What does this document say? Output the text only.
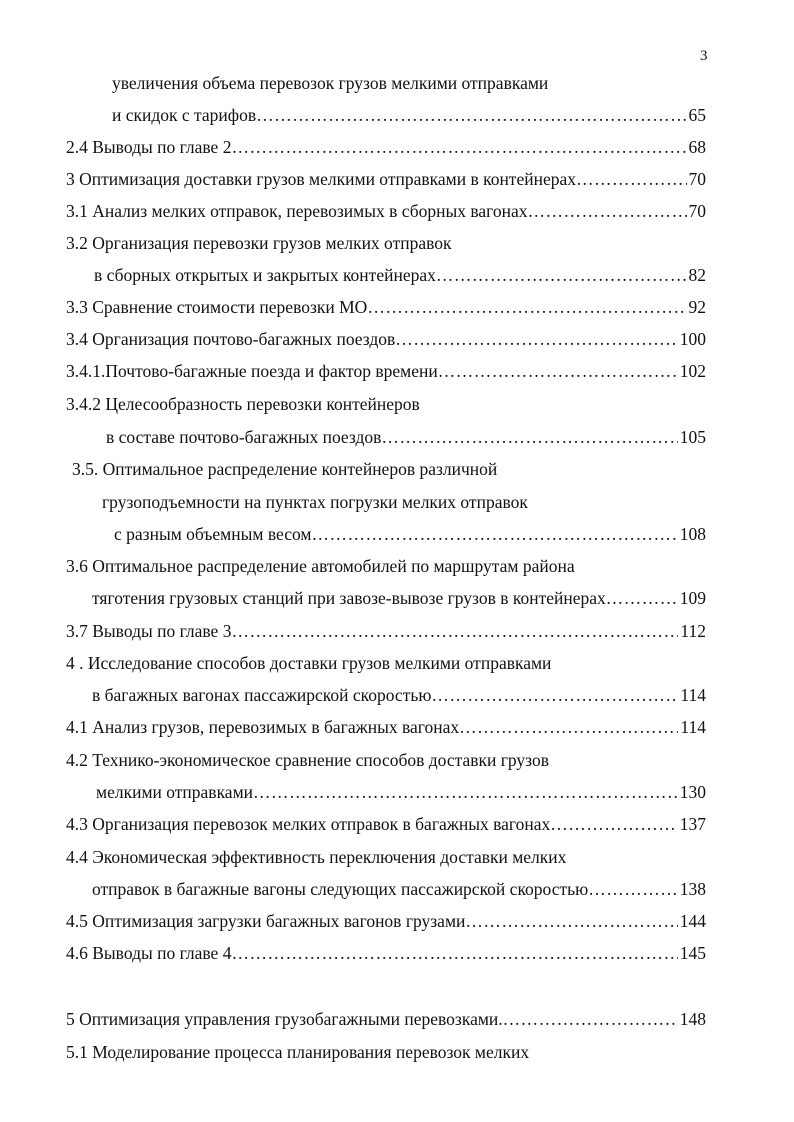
3
увеличения объема перевозок грузов мелкими отправками
и скидок с тарифов …………………………………………………………………………………………………………………………………………………………………………………………	65
2.4 Выводы по главе 2 …………………………………………………………………………………………………………………………………………………………………………………………	68
3 Оптимизация доставки грузов мелкими отправками в контейнерах …………………………………………………………………………………………………………………………………………………………………………………………	70
3.1 Анализ мелких отправок, перевозимых в сборных вагонах …………………………………………………………………………………………………………………………………………………………………………………………	70
3.2 Организация перевозки грузов мелких отправок
в сборных открытых и закрытых контейнерах …………………………………………………………………………………………………………………………………………………………………………………………	82
3.3 Сравнение стоимости перевозки МО …………………………………………………………………………………………………………………………………………………………………………………………	92
3.4 Организация почтово-багажных поездов …………………………………………………………………………………………………………………………………………………………………………………………	100
3.4.1.Почтово-багажные поезда и фактор времени …………………………………………………………………………………………………………………………………………………………………………………………	102
3.4.2 Целесообразность перевозки контейнеров
в составе почтово-багажных поездов …………………………………………………………………………………………………………………………………………………………………………………………	105
3.5. Оптимальное распределение контейнеров различной
грузоподъемности на пунктах погрузки мелких отправок
с разным объемным весом …………………………………………………………………………………………………………………………………………………………………………………………	108
3.6 Оптимальное распределение автомобилей по маршрутам района
тяготения грузовых станций при завозе-вывозе грузов в контейнерах …………………………………………………………………………………………………………………………………………………………………………………………	109
3.7 Выводы по главе 3 …………………………………………………………………………………………………………………………………………………………………………………………	112
4 . Исследование способов доставки грузов мелкими отправками
в багажных вагонах пассажирской скоростью …………………………………………………………………………………………………………………………………………………………………………………………	114
4.1 Анализ грузов, перевозимых в багажных вагонах …………………………………………………………………………………………………………………………………………………………………………………………	114
4.2 Технико-экономическое сравнение способов доставки грузов
мелкими отправками …………………………………………………………………………………………………………………………………………………………………………………………	130
4.3 Организация перевозок мелких отправок в багажных вагонах …………………………………………………………………………………………………………………………………………………………………………………………	137
4.4 Экономическая эффективность переключения доставки мелких
отправок в багажные вагоны следующих пассажирской скоростью …………………………………………………………………………………………………………………………………………………………………………………………	138
4.5 Оптимизация загрузки багажных вагонов грузами …………………………………………………………………………………………………………………………………………………………………………………………	144
4.6 Выводы по главе 4 …………………………………………………………………………………………………………………………………………………………………………………………	145
5 Оптимизация управления грузобагажными перевозками. …………………………………………………………………………………………………………………………………………………………………………………………	148
5.1 Моделирование процесса планирования перевозок мелких
